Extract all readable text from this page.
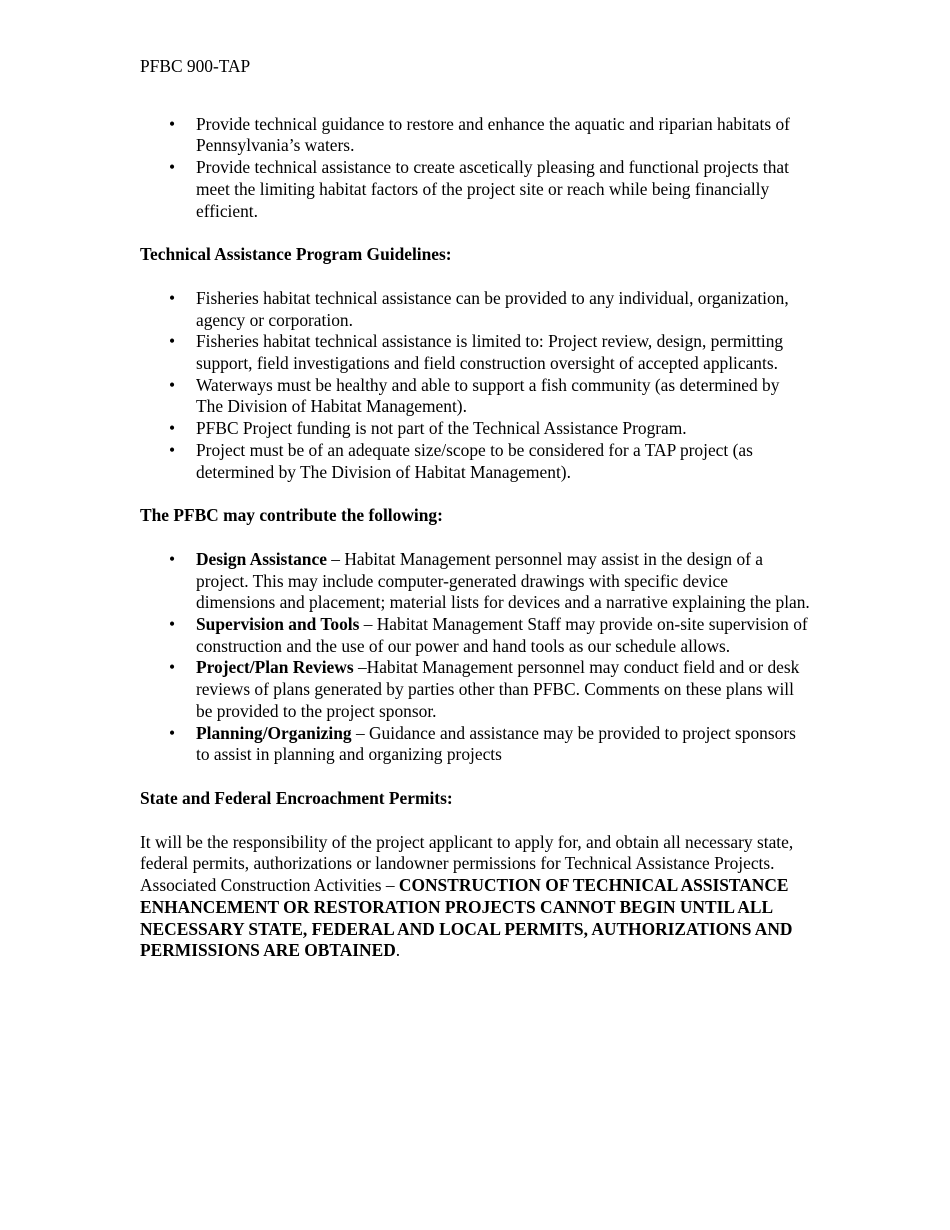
PFBC 900-TAP

• Provide technical guidance to restore and enhance the aquatic and riparian habitats of Pennsylvania’s waters.
• Provide technical assistance to create ascetically pleasing and functional projects that meet the limiting habitat factors of the project site or reach while being financially efficient.

Technical Assistance Program Guidelines:

• Fisheries habitat technical assistance can be provided to any individual, organization, agency or corporation.
• Fisheries habitat technical assistance is limited to: Project review, design, permitting support, field investigations and field construction oversight of accepted applicants.
• Waterways must be healthy and able to support a fish community (as determined by The Division of Habitat Management).
• PFBC Project funding is not part of the Technical Assistance Program.
• Project must be of an adequate size/scope to be considered for a TAP project (as determined by The Division of Habitat Management).

The PFBC may contribute the following:

• Design Assistance – Habitat Management personnel may assist in the design of a project. This may include computer-generated drawings with specific device dimensions and placement; material lists for devices and a narrative explaining the plan.
• Supervision and Tools – Habitat Management Staff may provide on-site supervision of construction and the use of our power and hand tools as our schedule allows.
• Project/Plan Reviews –Habitat Management personnel may conduct field and or desk reviews of plans generated by parties other than PFBC. Comments on these plans will be provided to the project sponsor.
• Planning/Organizing – Guidance and assistance may be provided to project sponsors to assist in planning and organizing projects

State and Federal Encroachment Permits:

It will be the responsibility of the project applicant to apply for, and obtain all necessary state, federal permits, authorizations or landowner permissions for Technical Assistance Projects. Associated Construction Activities – CONSTRUCTION OF TECHNICAL ASSISTANCE ENHANCEMENT OR RESTORATION PROJECTS CANNOT BEGIN UNTIL ALL NECESSARY STATE, FEDERAL AND LOCAL PERMITS, AUTHORIZATIONS AND PERMISSIONS ARE OBTAINED.
